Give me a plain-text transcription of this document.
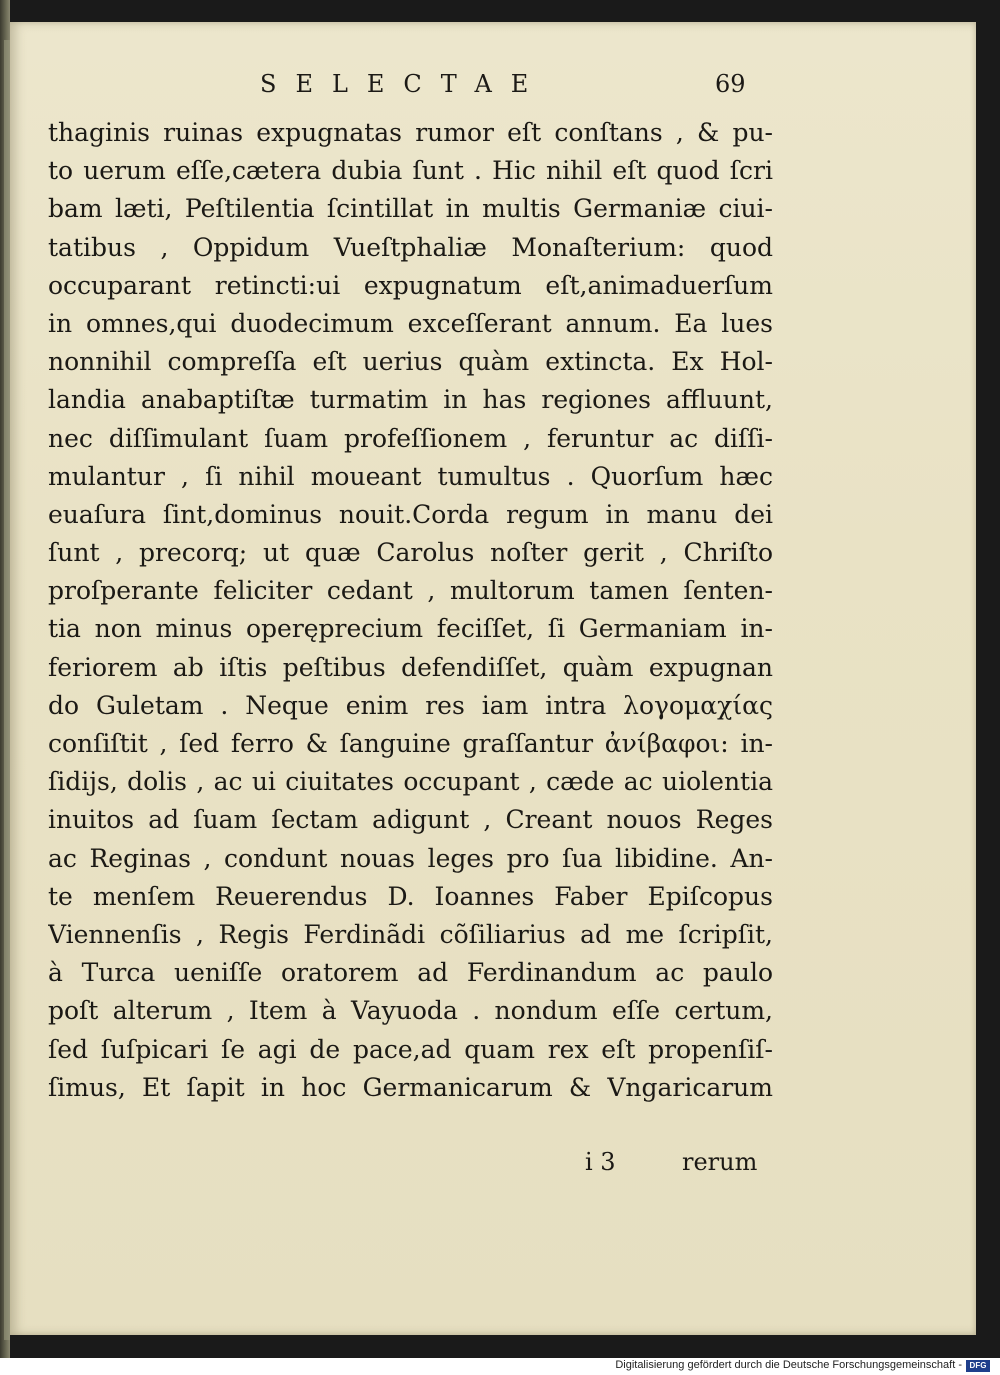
SELECTAE	69
thaginis ruinas expugnatas rumor eſt conſtans , & pu-
to uerum eſſe,cætera dubia ſunt . Hic nihil eſt quod ſcri
bam læti, Peſtilentia ſcintillat in multis Germaniæ ciui-
tatibus , Oppidum Vueſtphaliæ Monaſterium: quod
occuparant retincti:ui expugnatum eſt,animaduerſum
in omnes,qui duodecimum exceſſerant annum. Ea lues
nonnihil compreſſa eſt uerius quàm extincta. Ex Hol-
landia anabaptiſtæ turmatim in has regiones affluunt,
nec diſſimulant ſuam profeſſionem , feruntur ac diſſi-
mulantur , ſi nihil moueant tumultus . Quorſum hæc
euaſura ſint,dominus nouit.Corda regum in manu dei
ſunt , precorq; ut quæ Carolus noſter gerit , Chriſto
proſperante feliciter cedant , multorum tamen ſenten-
tia non minus operęprecium feciſſet, ſi Germaniam in-
feriorem ab iſtis peſtibus defendiſſet, quàm expugnan
do Guletam . Neque enim res iam intra λογομαχίας
conſiſtit , ſed ferro & ſanguine graſſantur ἀνίβαφοι: in-
ſidijs, dolis , ac ui ciuitates occupant , cæde ac uiolentia
inuitos ad ſuam ſectam adigunt , Creant nouos Reges
ac Reginas , condunt nouas leges pro ſua libidine. An-
te menſem Reuerendus D. Ioannes Faber Epiſcopus
Viennenſis , Regis Ferdinãdi cõſiliarius ad me ſcripſit,
à Turca ueniſſe oratorem ad Ferdinandum ac paulo
poſt alterum , Item à Vayuoda . nondum eſſe certum,
ſed ſuſpicari ſe agi de pace,ad quam rex eſt propenſiſ-
ſimus, Et ſapit in hoc Germanicarum & Vngaricarum
i 3	rerum
Digitalisierung gefördert durch die Deutsche Forschungsgemeinschaft - DFG
